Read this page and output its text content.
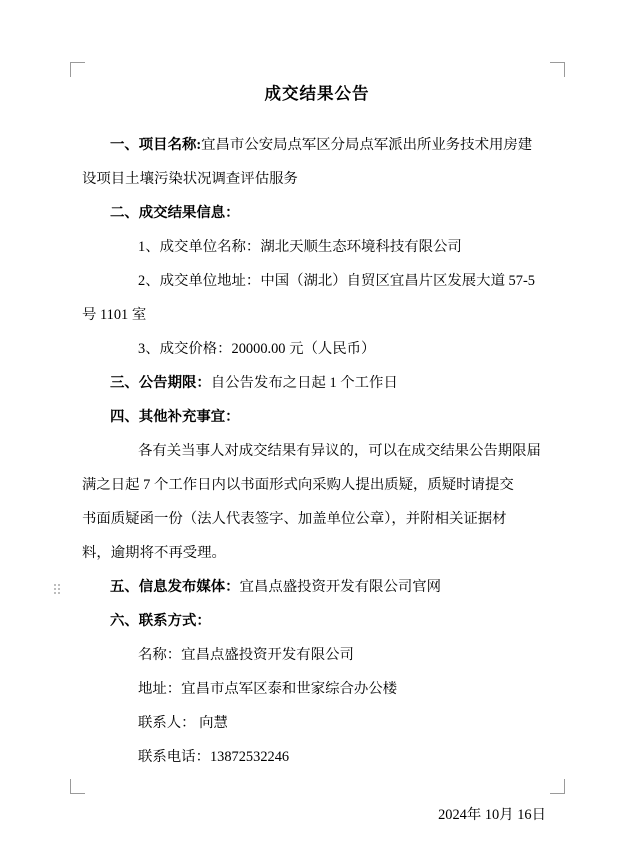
成交结果公告

一、项目名称:宜昌市公安局点军区分局点军派出所业务技术用房建

设项目土壤污染状况调查评估服务

二、成交结果信息：

1、成交单位名称：湖北天顺生态环境科技有限公司

2、成交单位地址：中国（湖北）自贸区宜昌片区发展大道 57-5

号 1101 室

3、成交价格：20000.00 元（人民币）

三、公告期限：自公告发布之日起 1 个工作日

四、其他补充事宜：

各有关当事人对成交结果有异议的，可以在成交结果公告期限届

满之日起 7 个工作日内以书面形式向采购人提出质疑，质疑时请提交

书面质疑函一份（法人代表签字、加盖单位公章），并附相关证据材

料，逾期将不再受理。

五、信息发布媒体：宜昌点盛投资开发有限公司官网

六、联系方式：

名称：宜昌点盛投资开发有限公司

地址：宜昌市点军区泰和世家综合办公楼

联系人： 向慧

联系电话：13872532246

2024年 10月 16日
